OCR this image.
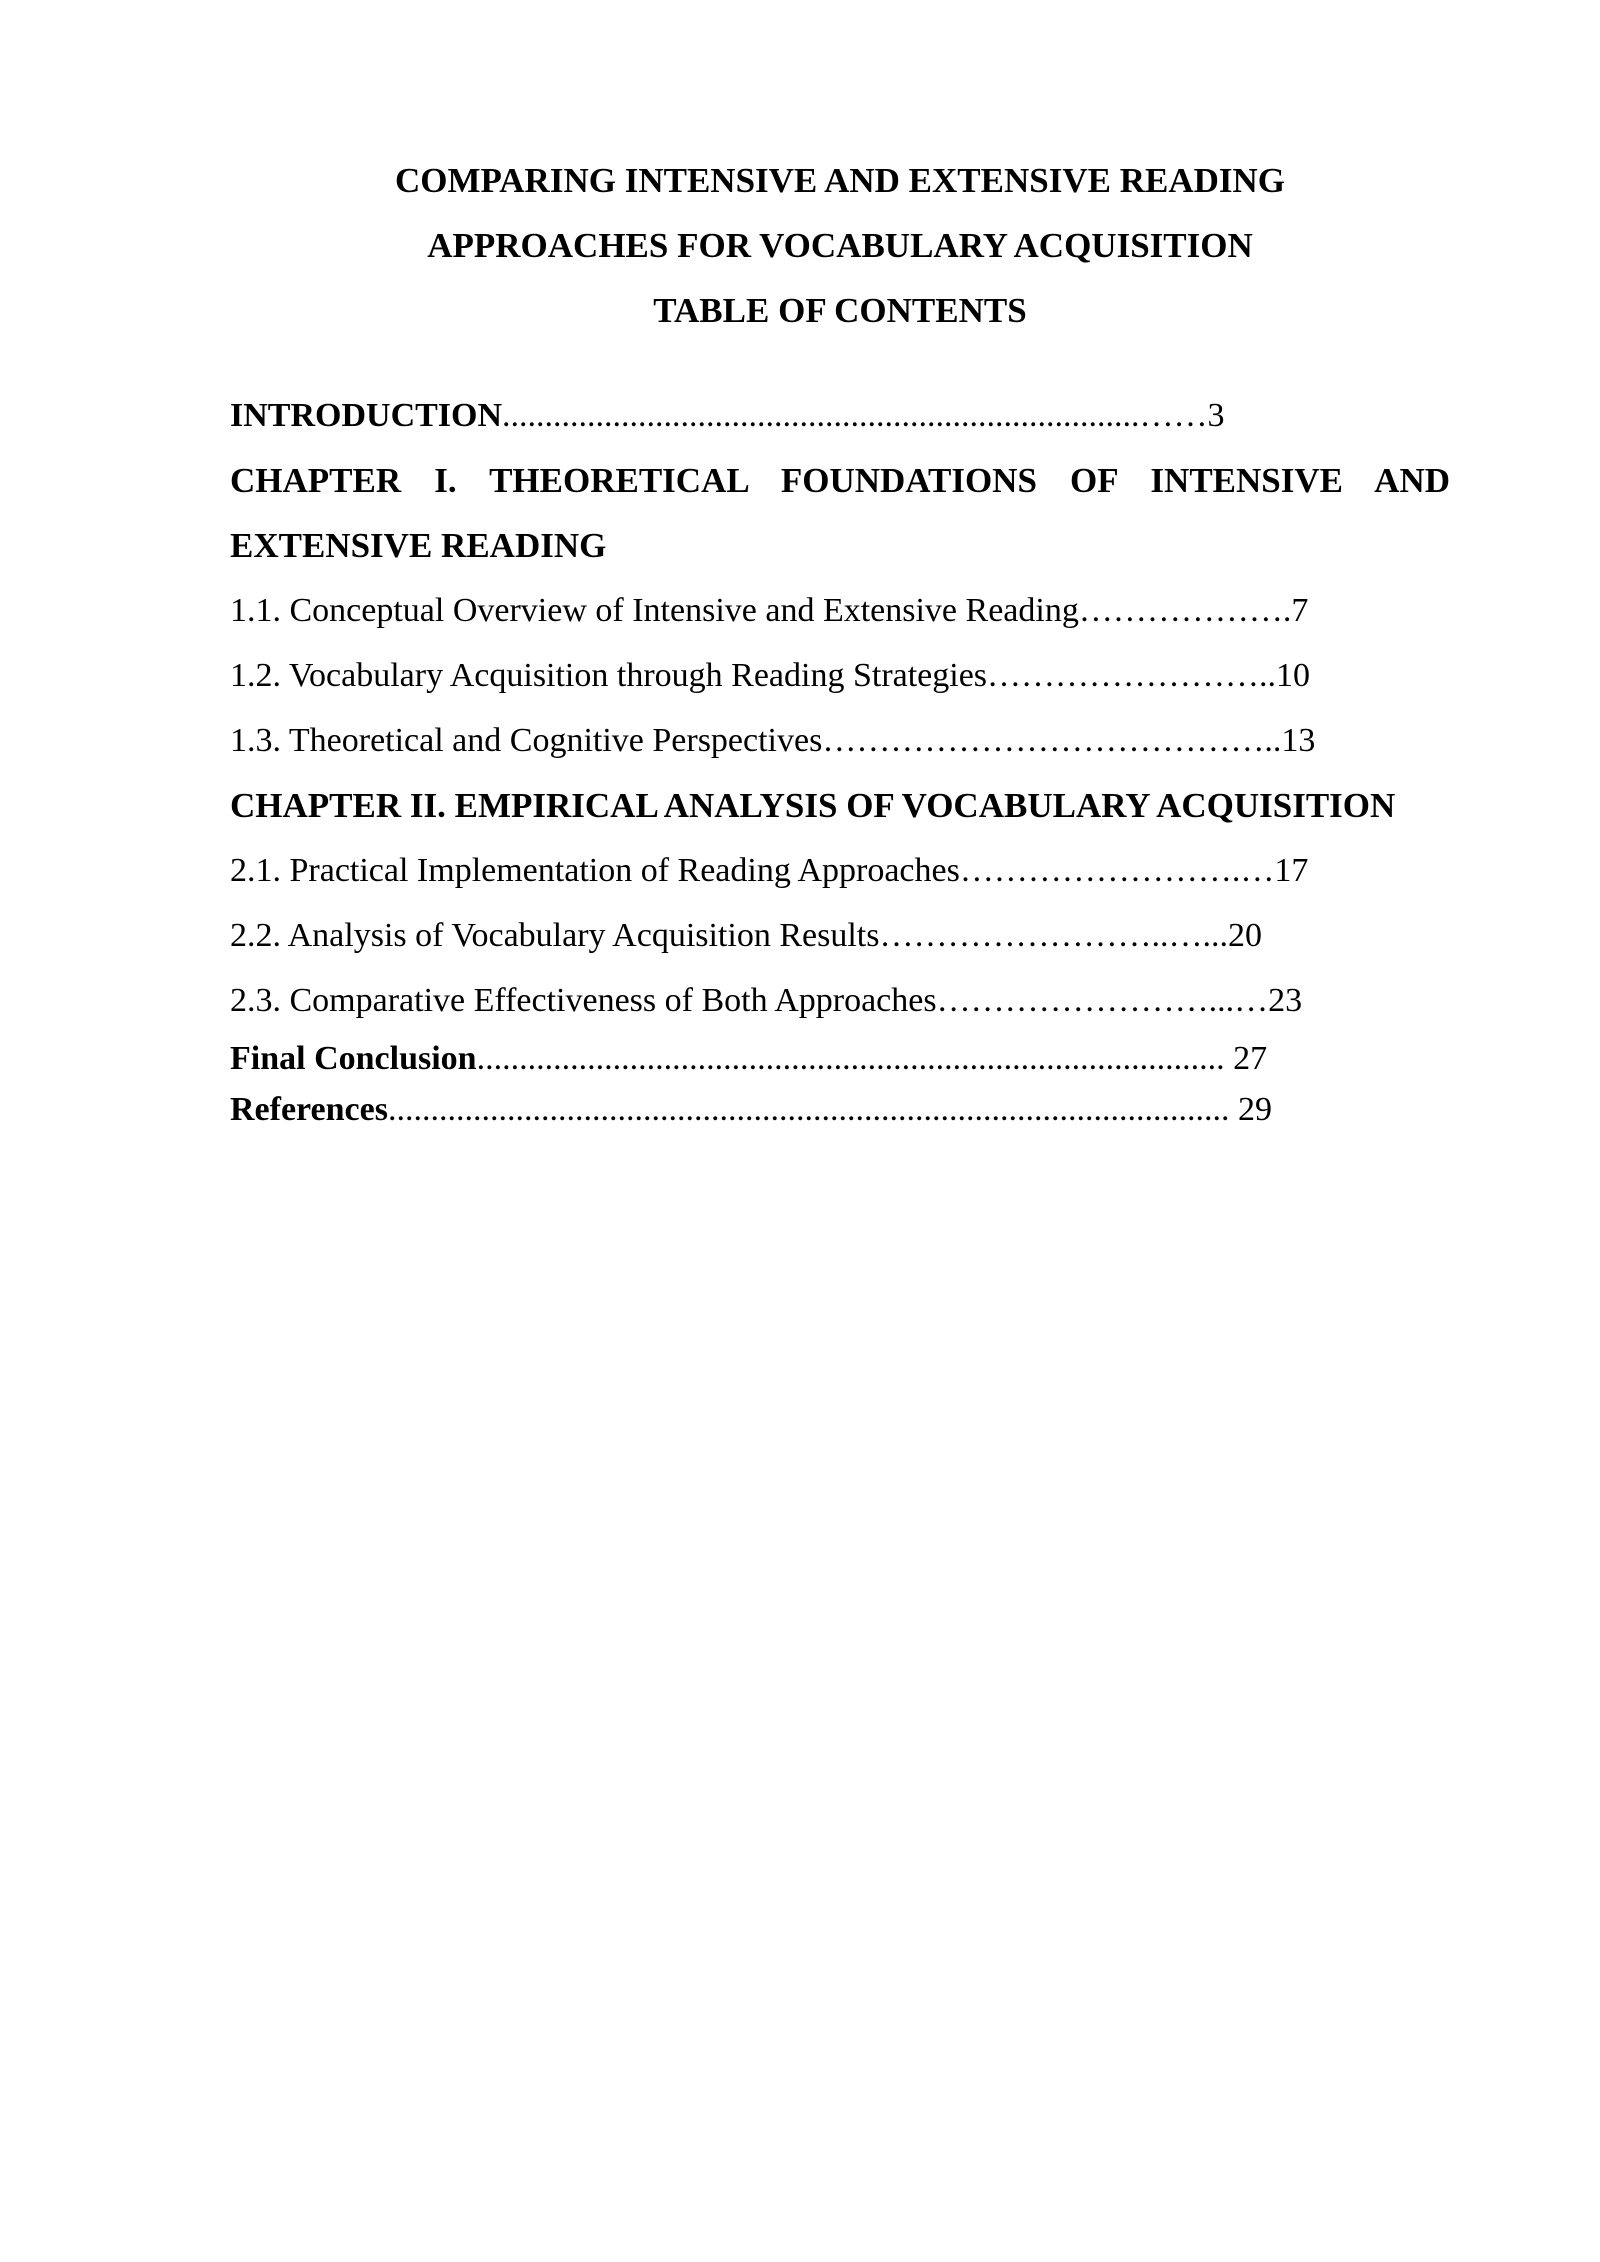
COMPARING INTENSIVE AND EXTENSIVE READING
APPROACHES FOR VOCABULARY ACQUISITION
TABLE OF CONTENTS
INTRODUCTION...........................................................................……3
CHAPTER I. THEORETICAL FOUNDATIONS OF INTENSIVE AND EXTENSIVE READING
1.1. Conceptual Overview of Intensive and Extensive Reading……………….7
1.2. Vocabulary Acquisition through Reading Strategies……………………..10
1.3. Theoretical and Cognitive Perspectives…………………………………..13
CHAPTER II. EMPIRICAL ANALYSIS OF VOCABULARY ACQUISITION
2.1. Practical Implementation of Reading Approaches…………………….…17
2.2. Analysis of Vocabulary Acquisition Results……………………..…...20
2.3. Comparative Effectiveness of Both Approaches……………………...…23
Final Conclusion........................................................................................ 27
References................................................................................................... 29
